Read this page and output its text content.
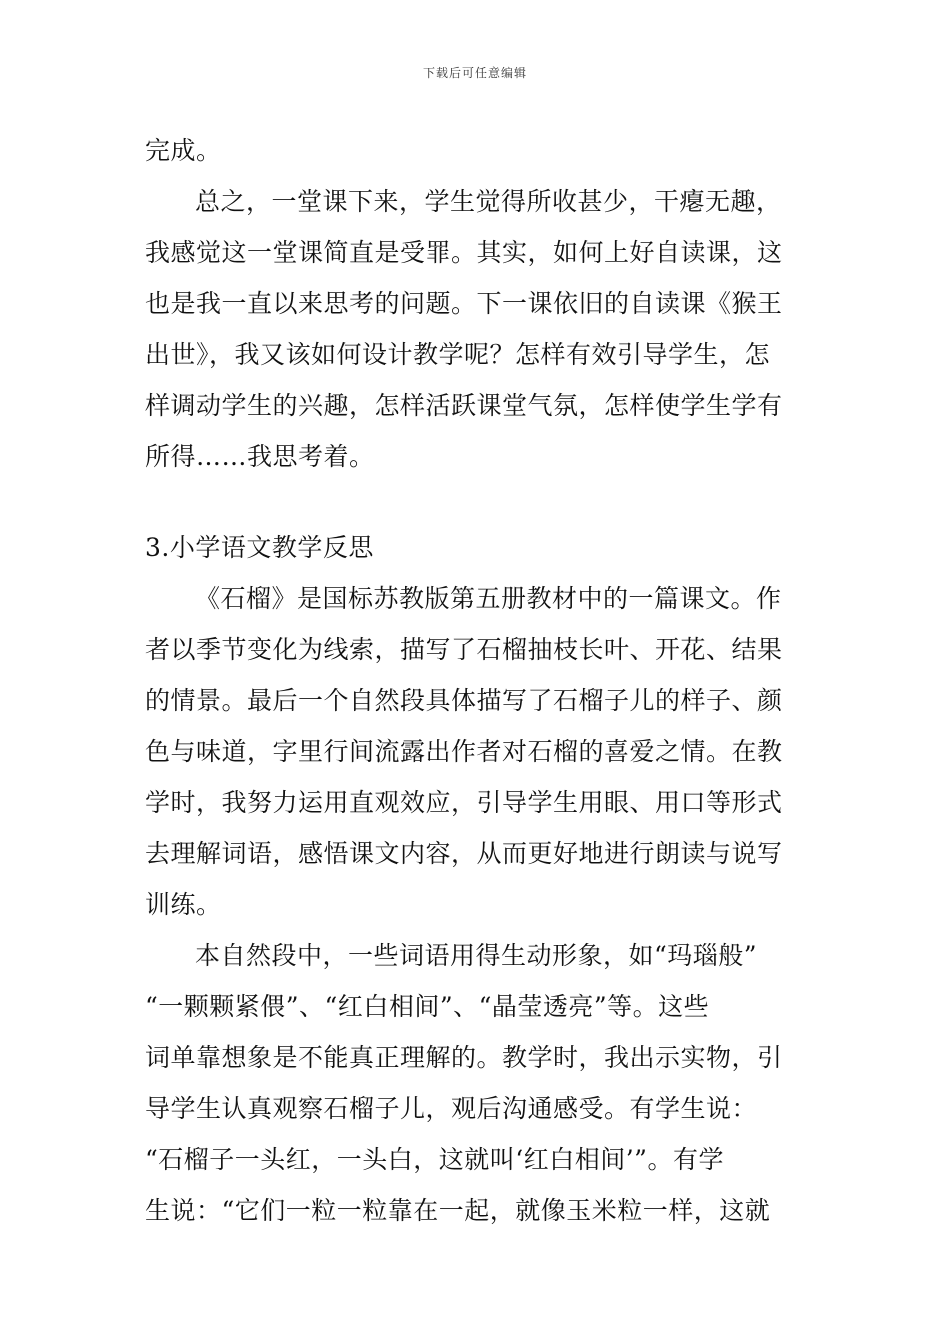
下载后可任意编辑
完成。
总之，一堂课下来，学生觉得所收甚少，干瘪无趣，
我感觉这一堂课简直是受罪。其实，如何上好自读课，这
也是我一直以来思考的问题。下一课依旧的自读课《猴王
出世》，我又该如何设计教学呢？怎样有效引导学生，怎
样调动学生的兴趣，怎样活跃课堂气氛，怎样使学生学有
所得……我思考着。
3.小学语文教学反思
《石榴》是国标苏教版第五册教材中的一篇课文。作
者以季节变化为线索，描写了石榴抽枝长叶、开花、结果
的情景。最后一个自然段具体描写了石榴子儿的样子、颜
色与味道，字里行间流露出作者对石榴的喜爱之情。在教
学时，我努力运用直观效应，引导学生用眼、用口等形式
去理解词语，感悟课文内容，从而更好地进行朗读与说写
训练。
本自然段中，一些词语用得生动形象，如“玛瑙般”
“一颗颗紧偎”、“红白相间”、“晶莹透亮”等。这些
词单靠想象是不能真正理解的。教学时，我出示实物，引
导学生认真观察石榴子儿，观后沟通感受。有学生说：
“石榴子一头红，一头白，这就叫‘红白相间’”。有学
生说：“它们一粒一粒靠在一起，就像玉米粒一样，这就
